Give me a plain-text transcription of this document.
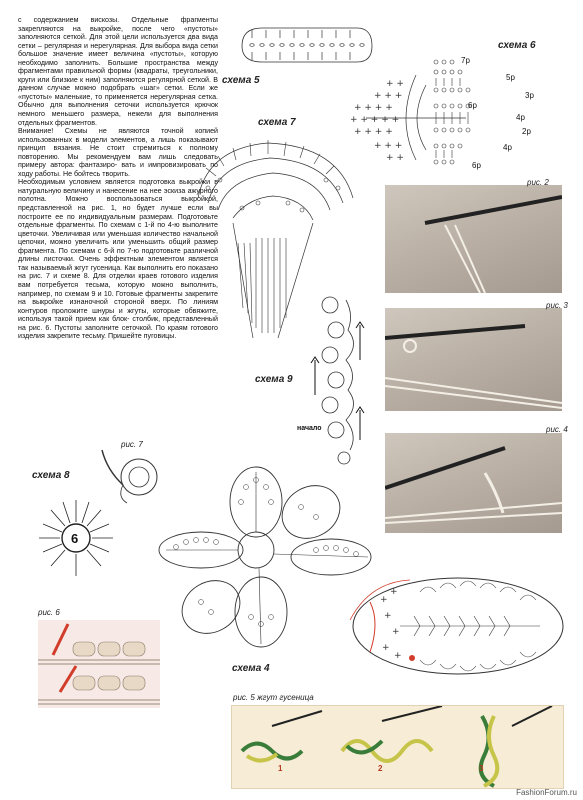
с содержанием вискозы. Отдельные фрагменты закрепляются на выкройке, после чего «пустоты» заполняются сеткой. Для этой цели используется два вида сетки – регулярная и нерегулярная. Для выбора вида сетки большое значение имеет величина «пустоты», которую необходимо заполнить. Большие пространства между фрагментами правильной формы (квадраты, треугольники, круги или близкие к ним) заполняются регулярной сеткой. В данном случае можно подобрать «шаг» сетки. Если же «пустоты» маленькие, то применяется нерегулярная сетка. Обычно для выполнения сеточки используется крючок немного меньшего размера, нежели для выполнения отдельных фрагментов.

Внимание! Схемы не являются точной копией использованных в модели элементов, а лишь показывают принцип вязания. Не стоит стремиться к полному повторению. Мы рекомендуем вам лишь следовать примеру автора: фантазиро- вать и импровизировать по ходу работы. Не бойтесь творить.

Необходимым условием является подготовка выкройки в натуральную величину и нанесение на нее эскиза ажурного полотна. Можно воспользоваться выкройкой, представленной на рис. 1, но будет лучше если вы построите ее по индивидуальным размерам. Подготовьте отдельные фрагменты. По схемам с 1-й по 4-ю выполните цветочки. Увеличивая или уменьшая количество начальной цепочки, можно увеличить или уменьшить общий размер фрагмента. По схемам с 6-й по 7-ю подготовьте различной длины листочки. Очень эффектным элементом является так называемый жгут гусеница. Как выполнить его показано на рис. 7 и схеме 8. Для отделки краев готового изделия вам потребуется тесьма, которую можно выполнить, например, по схемам 9 и 10. Готовые фрагменты закрепите на выкройке изнаночной стороной вверх. По линиям контуров проложите шнуры и жгуты, которые обвяжите, используя такой прием как блок- столбик, представленный на рис. 6. Пустоты заполните сеточкой. По краям готового изделия закрепите тесьму. Пришейте пуговицы.

схема 5
схема 6
+ + + +
+ + + + +
+ + + +
+ + +
+ + +
+ +
+ +
7р
6р
5р
4р
3р
2р
6р
4р
схема 7
рис. 2
рис. 3
рис. 4
схема 9
начало
рис. 7
схема 8
6
схема 4
+
+
+
+
+
+
рис. 6
рис. 5 жгут гусеница
1	2	3
FashionForum.ru
